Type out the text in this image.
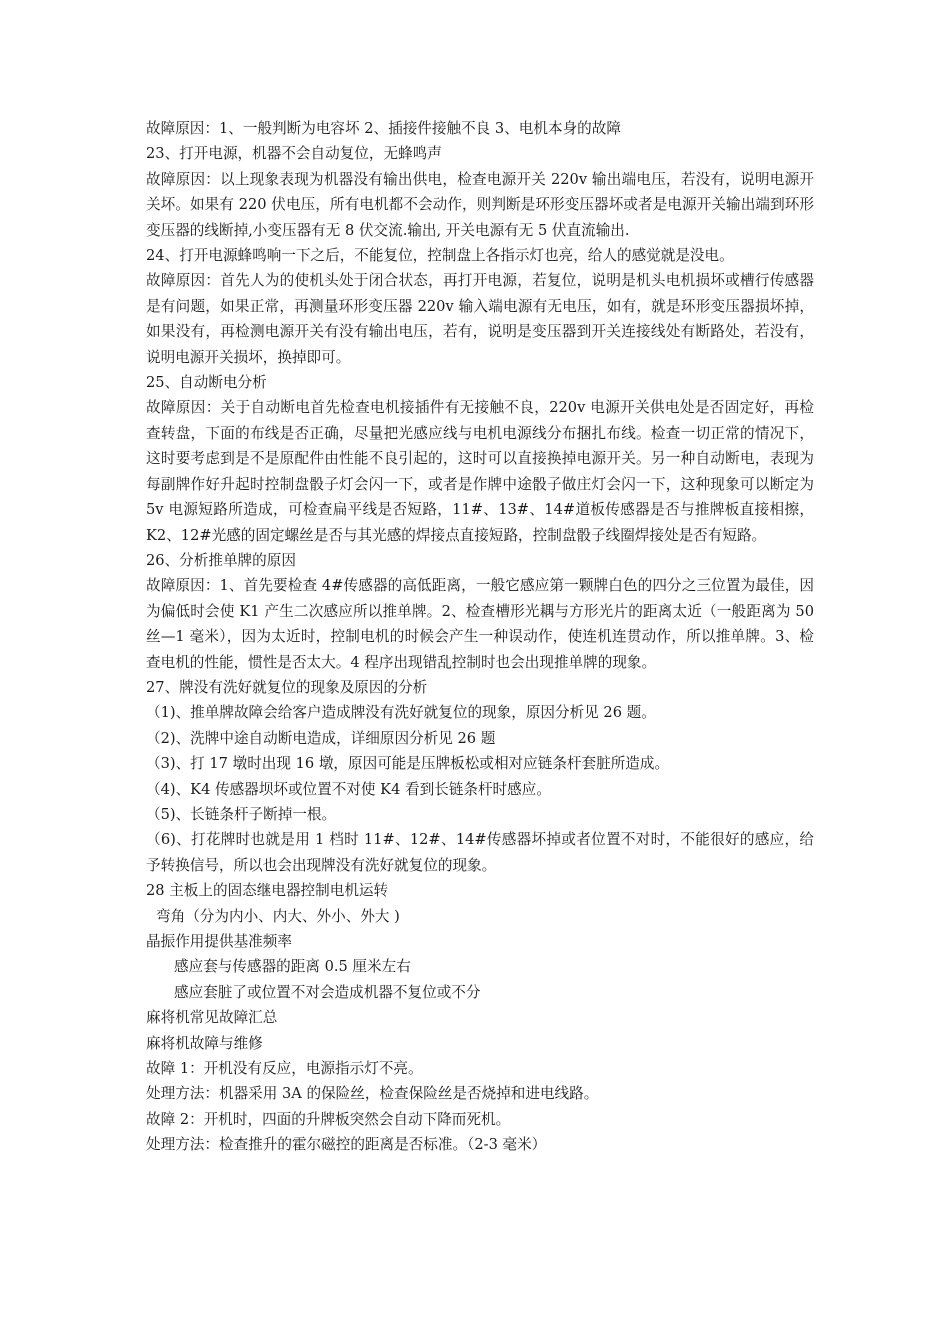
故障原因：1、一般判断为电容坏 2、插接件接触不良 3、电机本身的故障

23、打开电源，机器不会自动复位，无蜂鸣声

故障原因：以上现象表现为机器没有输出供电，检查电源开关 220v 输出端电压，若没有，说明电源开关坏。如果有 220 伏电压，所有电机都不会动作，则判断是环形变压器坏或者是电源开关输出端到环形变压器的线断掉,小变压器有无 8 伏交流.输出, 开关电源有无 5 伏直流输出.

24、打开电源蜂鸣响一下之后，不能复位，控制盘上各指示灯也亮，给人的感觉就是没电。

故障原因：首先人为的使机头处于闭合状态，再打开电源，若复位，说明是机头电机损坏或槽行传感器是有问题，如果正常，再测量环形变压器 220v 输入端电源有无电压，如有，就是环形变压器损坏掉，如果没有，再检测电源开关有没有输出电压，若有，说明是变压器到开关连接线处有断路处，若没有，说明电源开关损坏，换掉即可。

25、自动断电分析

故障原因：关于自动断电首先检查电机接插件有无接触不良，220v 电源开关供电处是否固定好，再检查转盘，下面的布线是否正确，尽量把光感应线与电机电源线分布捆扎布线。检查一切正常的情况下，这时要考虑到是不是原配件由性能不良引起的，这时可以直接换掉电源开关。另一种自动断电，表现为每副牌作好升起时控制盘骰子灯会闪一下，或者是作牌中途骰子做庄灯会闪一下，这种现象可以断定为 5v 电源短路所造成，可检查扁平线是否短路，11#、13#、14#道板传感器是否与推牌板直接相擦，K2、12#光感的固定螺丝是否与其光感的焊接点直接短路，控制盘骰子线圈焊接处是否有短路。

26、分析推单牌的原因

故障原因：1、首先要检查 4#传感器的高低距离，一般它感应第一颗牌白色的四分之三位置为最佳，因为偏低时会使 K1 产生二次感应所以推单牌。2、检查槽形光耦与方形光片的距离太近（一般距离为 50 丝—1 毫米），因为太近时，控制电机的时候会产生一种误动作，使连机连贯动作，所以推单牌。3、检查电机的性能，惯性是否太大。4 程序出现错乱控制时也会出现推单牌的现象。

27、牌没有洗好就复位的现象及原因的分析

（1)、推单牌故障会给客户造成牌没有洗好就复位的现象，原因分析见 26 题。

（2)、洗牌中途自动断电造成，详细原因分析见 26 题

（3)、打 17 墩时出现 16 墩，原因可能是压牌板松或相对应链条杆套脏所造成。

（4)、K4 传感器坝坏或位置不对使 K4 看到长链条杆时感应。

（5)、长链条杆子断掉一根。

（6)、打花牌时也就是用 1 档时 11#、12#、14#传感器坏掉或者位置不对时，不能很好的感应，给予转换信号，所以也会出现牌没有洗好就复位的现象。

28 主板上的固态继电器控制电机运转

弯角（分为内小、内大、外小、外大 )

晶振作用提供基准频率

感应套与传感器的距离 0.5 厘米左右

感应套脏了或位置不对会造成机器不复位或不分

麻将机常见故障汇总

麻将机故障与维修

故障 1：开机没有反应，电源指示灯不亮。

处理方法：机器采用 3A 的保险丝，检查保险丝是否烧掉和进电线路。

故障 2：开机时，四面的升牌板突然会自动下降而死机。

处理方法：检查推升的霍尔磁控的距离是否标准。（2-3 毫米）
